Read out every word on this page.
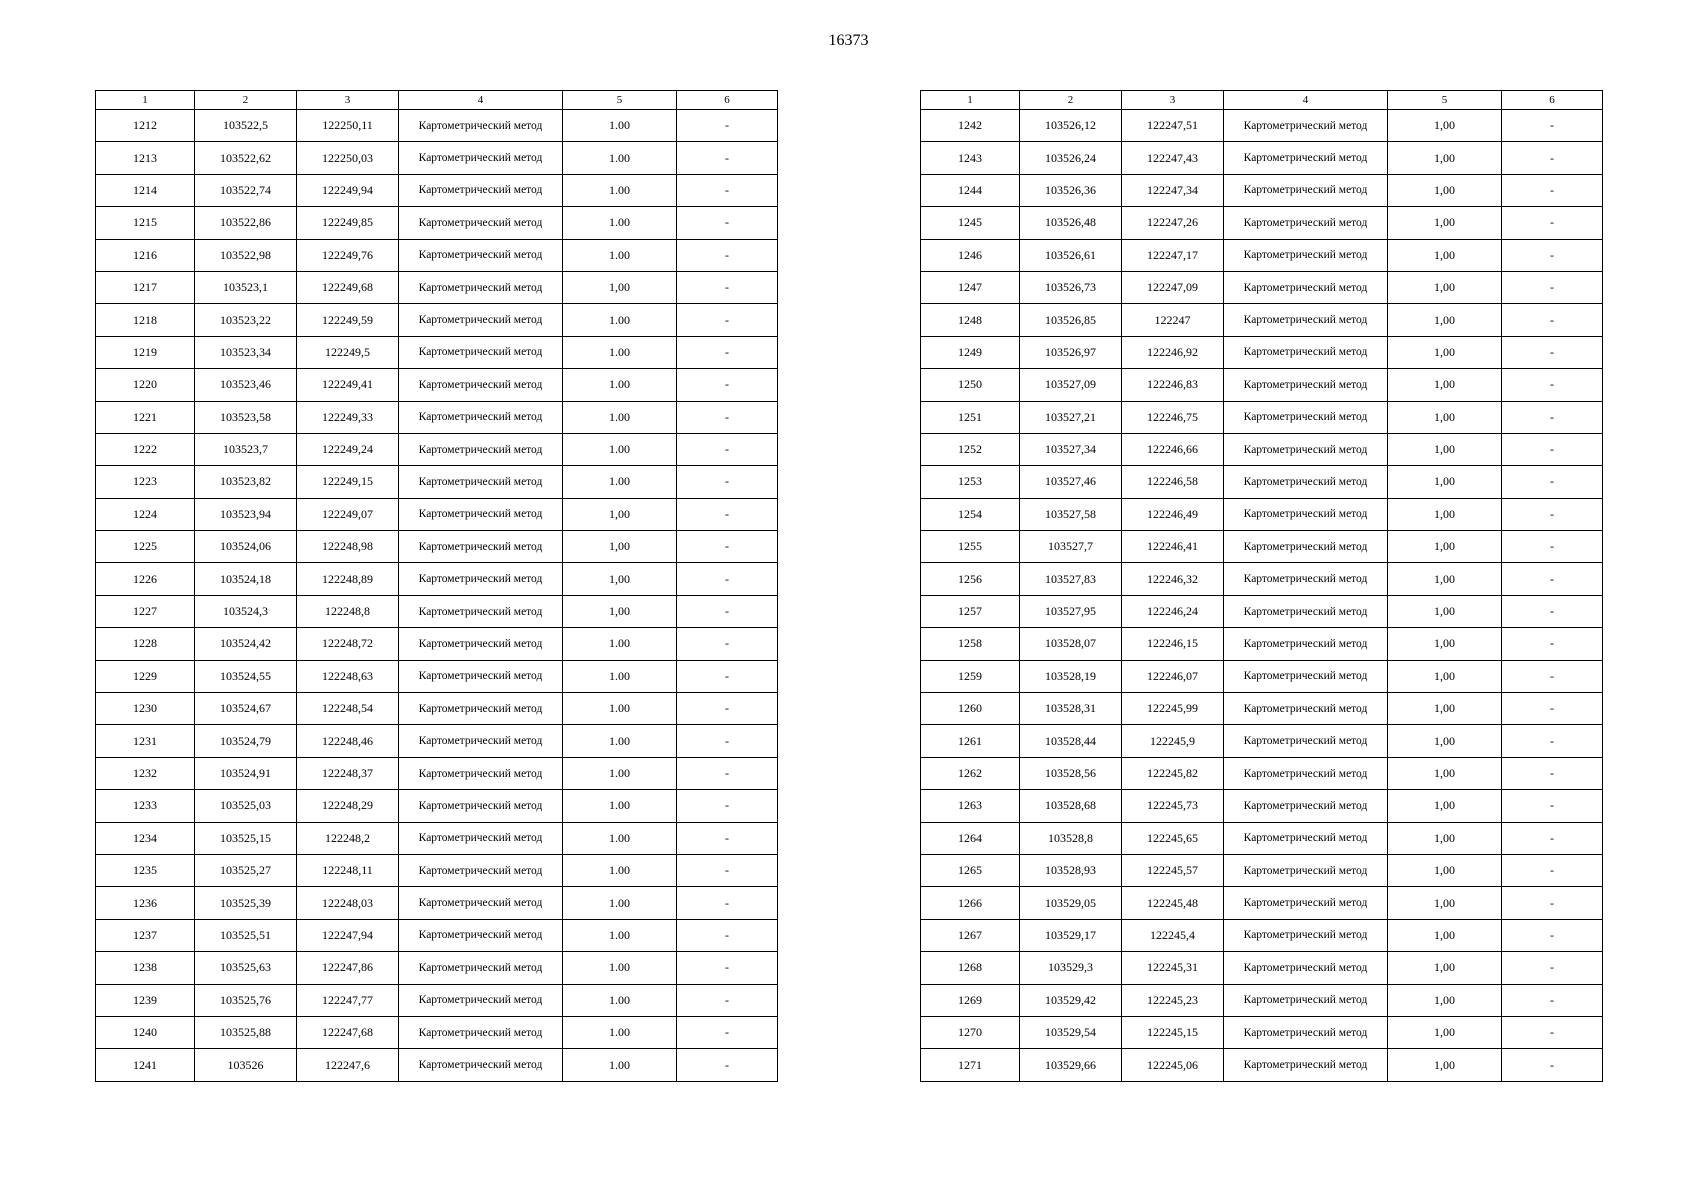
16373
1	2	3	4	5	6
1212	103522,5	122250,11	Картометрический метод	1.00	-
1213	103522,62	122250,03	Картометрический метод	1.00	-
1214	103522,74	122249,94	Картометрический метод	1.00	-
1215	103522,86	122249,85	Картометрический метод	1.00	-
1216	103522,98	122249,76	Картометрический метод	1.00	-
1217	103523,1	122249,68	Картометрический метод	1,00	-
1218	103523,22	122249,59	Картометрический метод	1.00	-
1219	103523,34	122249,5	Картометрический метод	1.00	-
1220	103523,46	122249,41	Картометрический метод	1.00	-
1221	103523,58	122249,33	Картометрический метод	1.00	-
1222	103523,7	122249,24	Картометрический метод	1.00	-
1223	103523,82	122249,15	Картометрический метод	1.00	-
1224	103523,94	122249,07	Картометрический метод	1,00	-
1225	103524,06	122248,98	Картометрический метод	1,00	-
1226	103524,18	122248,89	Картометрический метод	1,00	-
1227	103524,3	122248,8	Картометрический метод	1,00	-
1228	103524,42	122248,72	Картометрический метод	1.00	-
1229	103524,55	122248,63	Картометрический метод	1.00	-
1230	103524,67	122248,54	Картометрический метод	1.00	-
1231	103524,79	122248,46	Картометрический метод	1.00	-
1232	103524,91	122248,37	Картометрический метод	1.00	-
1233	103525,03	122248,29	Картометрический метод	1.00	-
1234	103525,15	122248,2	Картометрический метод	1.00	-
1235	103525,27	122248,11	Картометрический метод	1.00	-
1236	103525,39	122248,03	Картометрический метод	1.00	-
1237	103525,51	122247,94	Картометрический метод	1.00	-
1238	103525,63	122247,86	Картометрический метод	1.00	-
1239	103525,76	122247,77	Картометрический метод	1.00	-
1240	103525,88	122247,68	Картометрический метод	1.00	-
1241	103526	122247,6	Картометрический метод	1.00	-
1	2	3	4	5	6
1242	103526,12	122247,51	Картометрический метод	1,00	-
1243	103526,24	122247,43	Картометрический метод	1,00	-
1244	103526,36	122247,34	Картометрический метод	1,00	-
1245	103526,48	122247,26	Картометрический метод	1,00	-
1246	103526,61	122247,17	Картометрический метод	1,00	-
1247	103526,73	122247,09	Картометрический метод	1,00	-
1248	103526,85	122247	Картометрический метод	1,00	-
1249	103526,97	122246,92	Картометрический метод	1,00	-
1250	103527,09	122246,83	Картометрический метод	1,00	-
1251	103527,21	122246,75	Картометрический метод	1,00	-
1252	103527,34	122246,66	Картометрический метод	1,00	-
1253	103527,46	122246,58	Картометрический метод	1,00	-
1254	103527,58	122246,49	Картометрический метод	1,00	-
1255	103527,7	122246,41	Картометрический метод	1,00	-
1256	103527,83	122246,32	Картометрический метод	1,00	-
1257	103527,95	122246,24	Картометрический метод	1,00	-
1258	103528,07	122246,15	Картометрический метод	1,00	-
1259	103528,19	122246,07	Картометрический метод	1,00	-
1260	103528,31	122245,99	Картометрический метод	1,00	-
1261	103528,44	122245,9	Картометрический метод	1,00	-
1262	103528,56	122245,82	Картометрический метод	1,00	-
1263	103528,68	122245,73	Картометрический метод	1,00	-
1264	103528,8	122245,65	Картометрический метод	1,00	-
1265	103528,93	122245,57	Картометрический метод	1,00	-
1266	103529,05	122245,48	Картометрический метод	1,00	-
1267	103529,17	122245,4	Картометрический метод	1,00	-
1268	103529,3	122245,31	Картометрический метод	1,00	-
1269	103529,42	122245,23	Картометрический метод	1,00	-
1270	103529,54	122245,15	Картометрический метод	1,00	-
1271	103529,66	122245,06	Картометрический метод	1,00	-
